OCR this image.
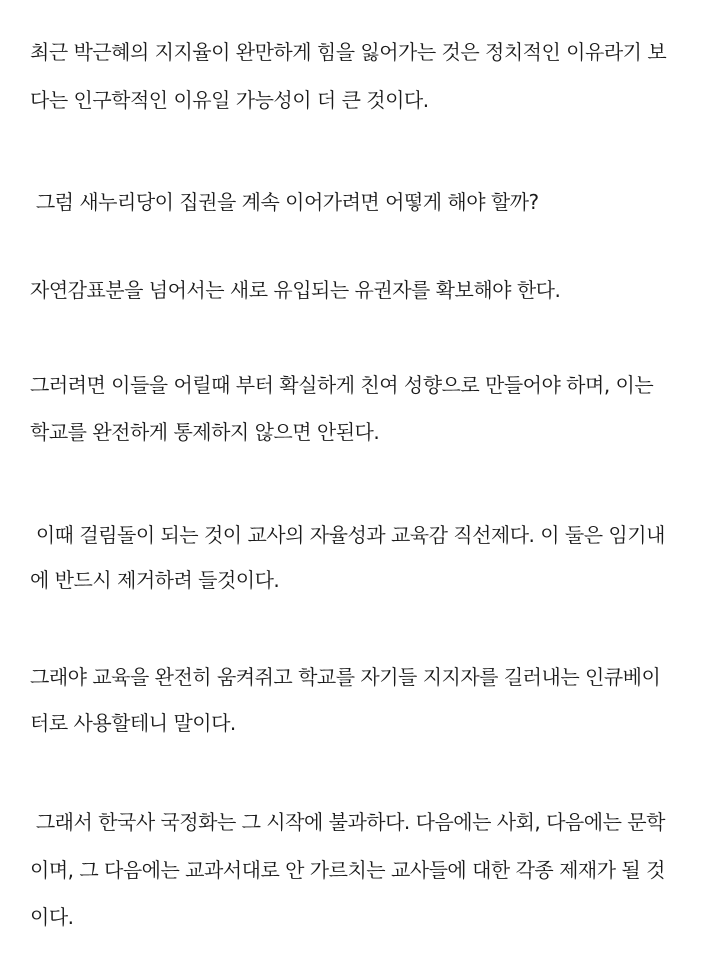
최근 박근혜의 지지율이 완만하게 힘을 잃어가는 것은 정치적인 이유라기 보
다는 인구학적인 이유일 가능성이 더 큰 것이다.
그럼 새누리당이 집권을 계속 이어가려면 어떻게 해야 할까?
자연감표분을 넘어서는 새로 유입되는 유권자를 확보해야 한다.
그러려면 이들을 어릴때 부터 확실하게 친여 성향으로 만들어야 하며, 이는
학교를 완전하게 통제하지 않으면 안된다.
이때 걸림돌이 되는 것이 교사의 자율성과 교육감 직선제다. 이 둘은 임기내
에 반드시 제거하려 들것이다.
그래야 교육을 완전히 움켜쥐고 학교를 자기들 지지자를 길러내는 인큐베이
터로 사용할테니 말이다.
그래서 한국사 국정화는 그 시작에 불과하다. 다음에는 사회, 다음에는 문학
이며, 그 다음에는 교과서대로 안 가르치는 교사들에 대한 각종 제재가 될 것
이다.
